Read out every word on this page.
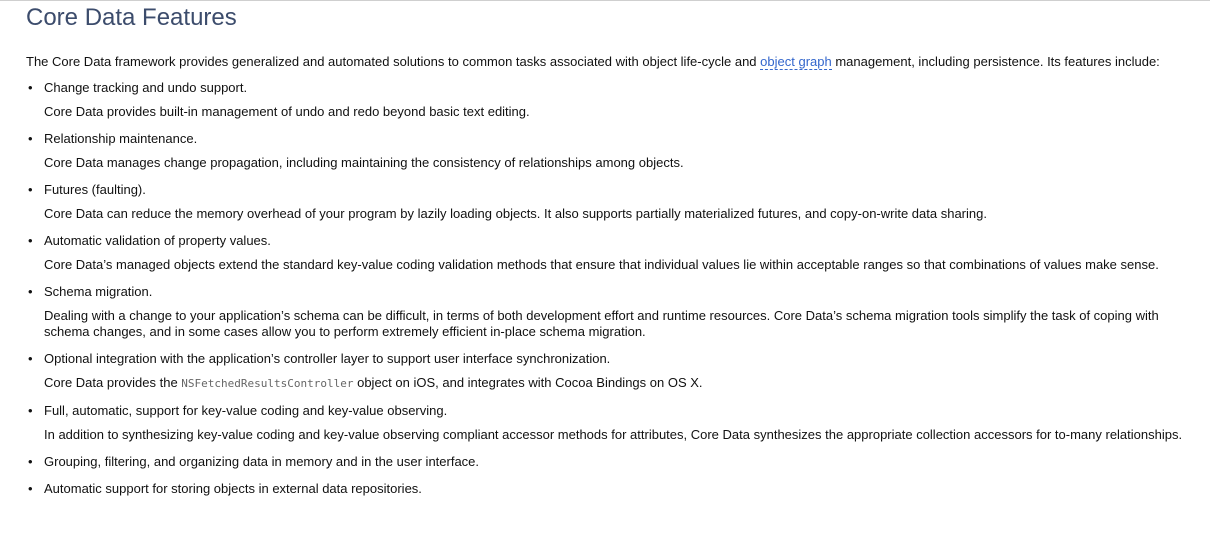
Core Data Features

The Core Data framework provides generalized and automated solutions to common tasks associated with object life-cycle and object graph management, including persistence. Its features include:

• Change tracking and undo support.
Core Data provides built-in management of undo and redo beyond basic text editing.
• Relationship maintenance.
Core Data manages change propagation, including maintaining the consistency of relationships among objects.
• Futures (faulting).
Core Data can reduce the memory overhead of your program by lazily loading objects. It also supports partially materialized futures, and copy-on-write data sharing.
• Automatic validation of property values.
Core Data’s managed objects extend the standard key-value coding validation methods that ensure that individual values lie within acceptable ranges so that combinations of values make sense.
• Schema migration.
Dealing with a change to your application’s schema can be difficult, in terms of both development effort and runtime resources. Core Data’s schema migration tools simplify the task of coping with schema changes, and in some cases allow you to perform extremely efficient in-place schema migration.
• Optional integration with the application’s controller layer to support user interface synchronization.
Core Data provides the NSFetchedResultsController object on iOS, and integrates with Cocoa Bindings on OS X.
• Full, automatic, support for key-value coding and key-value observing.
In addition to synthesizing key-value coding and key-value observing compliant accessor methods for attributes, Core Data synthesizes the appropriate collection accessors for to-many relationships.
• Grouping, filtering, and organizing data in memory and in the user interface.
• Automatic support for storing objects in external data repositories.
